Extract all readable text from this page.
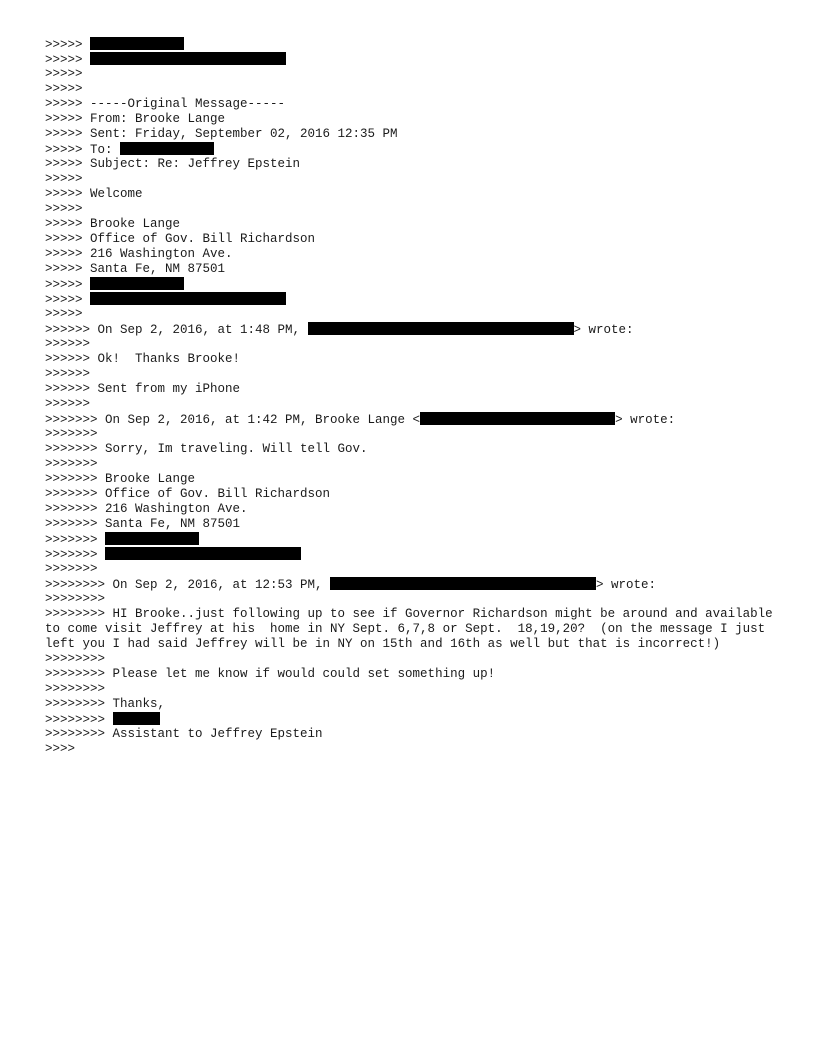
>>>>>
>>>>>
>>>>>
>>>>>
>>>>> -----Original Message-----
>>>>> From: Brooke Lange
>>>>> Sent: Friday, September 02, 2016 12:35 PM
>>>>> To:
>>>>> Subject: Re: Jeffrey Epstein
>>>>>
>>>>> Welcome
>>>>>
>>>>> Brooke Lange
>>>>> Office of Gov. Bill Richardson
>>>>> 216 Washington Ave.
>>>>> Santa Fe, NM 87501
>>>>>
>>>>>
>>>>>
>>>>>> On Sep 2, 2016, at 1:48 PM,	> wrote:
>>>>>>
>>>>>> Ok!  Thanks Brooke!
>>>>>>
>>>>>> Sent from my iPhone
>>>>>>
>>>>>>> On Sep 2, 2016, at 1:42 PM, Brooke Lange <	> wrote:
>>>>>>>
>>>>>>> Sorry, Im traveling. Will tell Gov.
>>>>>>>
>>>>>>> Brooke Lange
>>>>>>> Office of Gov. Bill Richardson
>>>>>>> 216 Washington Ave.
>>>>>>> Santa Fe, NM 87501
>>>>>>>
>>>>>>>
>>>>>>>
>>>>>>>> On Sep 2, 2016, at 12:53 PM,	> wrote:
>>>>>>>>
>>>>>>>> HI Brooke..just following up to see if Governor Richardson might be around and available to come visit Jeffrey at his  home in NY Sept. 6,7,8 or Sept.  18,19,20?  (on the message I just left you I had said Jeffrey will be in NY on 15th and 16th as well but that is incorrect!)
>>>>>>>>
>>>>>>>> Please let me know if would could set something up!
>>>>>>>>
>>>>>>>> Thanks,
>>>>>>>>
>>>>>>>> Assistant to Jeffrey Epstein
>>>>
